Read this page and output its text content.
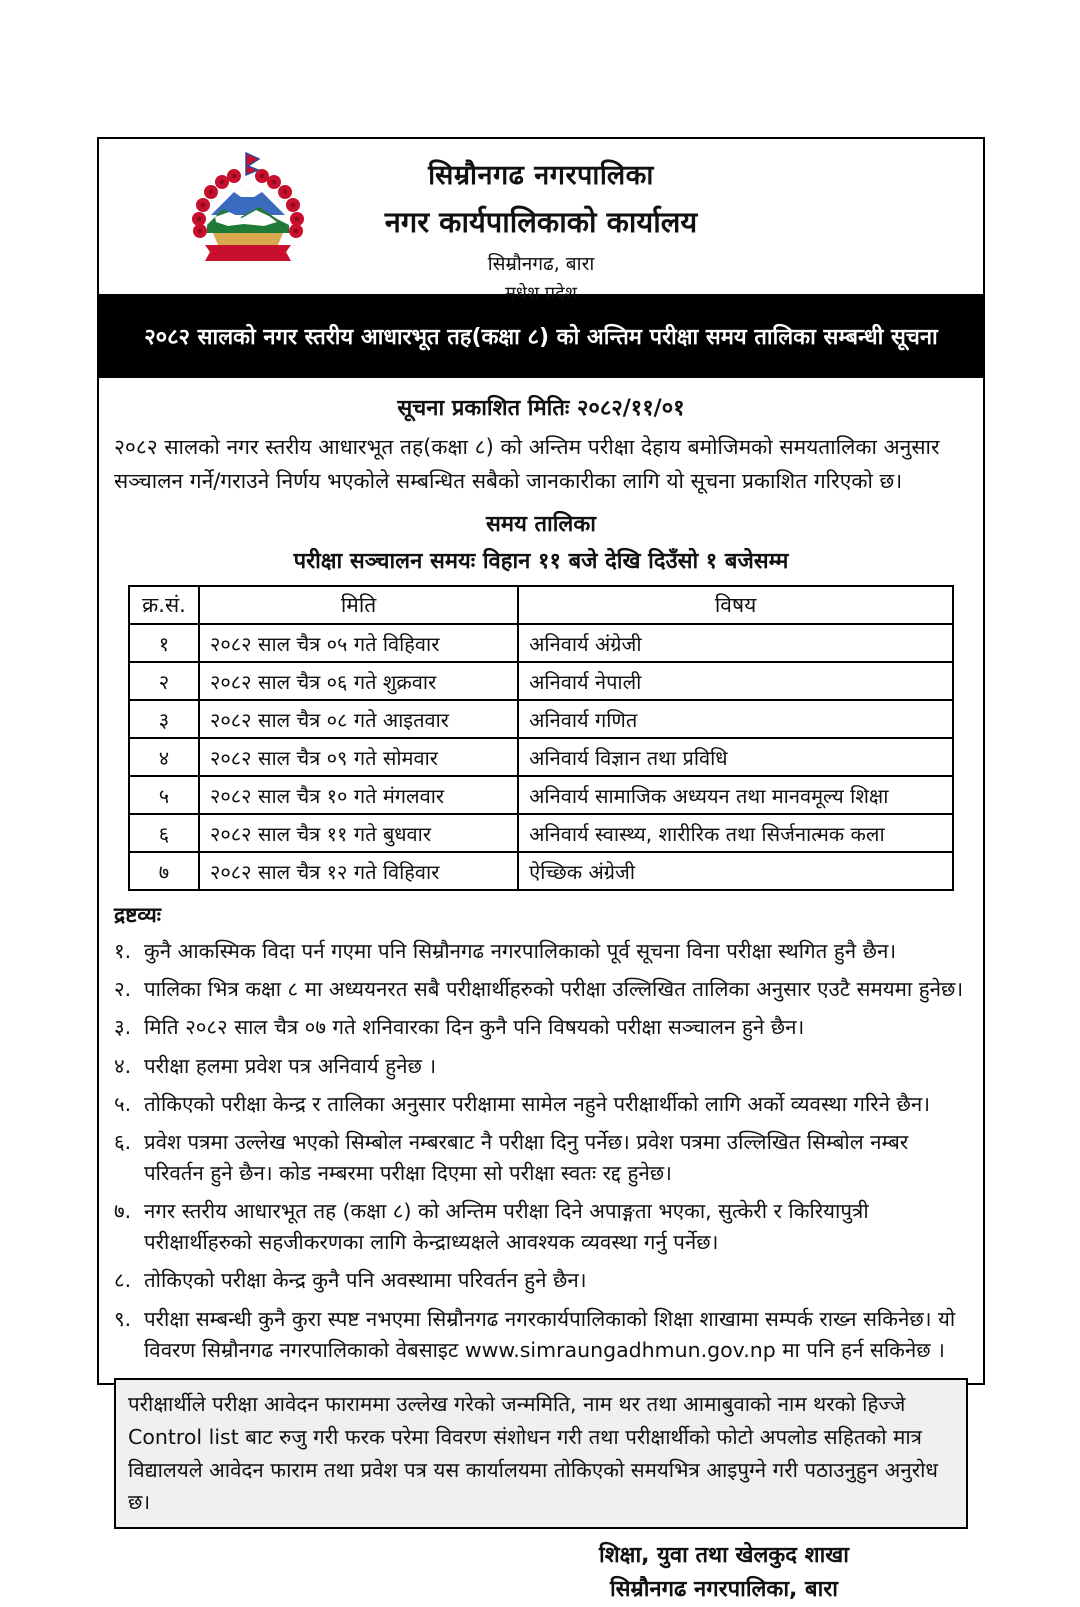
सिम्रौनगढ नगरपालिका
नगर कार्यपालिकाको कार्यालय
सिम्रौनगढ, बारा
मधेश प्रदेश
२०८२ सालको नगर स्तरीय आधारभूत तह(कक्षा ८) को अन्तिम परीक्षा समय तालिका सम्बन्धी सूचना
सूचना प्रकाशित मितिः २०८२/११/०१

२०८२ सालको नगर स्तरीय आधारभूत तह(कक्षा ८) को अन्तिम परीक्षा देहाय बमोजिमको समयतालिका अनुसार सञ्चालन गर्ने/गराउने निर्णय भएकोले सम्बन्धित सबैको जानकारीका लागि यो सूचना प्रकाशित गरिएको छ।

समय तालिका
परीक्षा सञ्चालन समयः विहान ११ बजे देखि दिउँसो १ बजेसम्म
क्र.सं.	मिति	विषय
१	२०८२ साल चैत्र ०५ गते विहिवार	अनिवार्य अंग्रेजी
२	२०८२ साल चैत्र ०६ गते शुक्रवार	अनिवार्य नेपाली
३	२०८२ साल चैत्र ०८ गते आइतवार	अनिवार्य गणित
४	२०८२ साल चैत्र ०९ गते सोमवार	अनिवार्य विज्ञान तथा प्रविधि
५	२०८२ साल चैत्र १० गते मंगलवार	अनिवार्य सामाजिक अध्ययन तथा मानवमूल्य शिक्षा
६	२०८२ साल चैत्र ११ गते बुधवार	अनिवार्य स्वास्थ्य, शारीरिक तथा सिर्जनात्मक कला
७	२०८२ साल चैत्र १२ गते विहिवार	ऐच्छिक अंग्रेजी
द्रष्टव्यः
१. कुनै आकस्मिक विदा पर्न गएमा पनि सिम्रौनगढ नगरपालिकाको पूर्व सूचना विना परीक्षा स्थगित हुनै छैन।
२. पालिका भित्र कक्षा ८ मा अध्ययनरत सबै परीक्षार्थीहरुको परीक्षा उल्लिखित तालिका अनुसार एउटै समयमा हुनेछ।
३. मिति २०८२ साल चैत्र ०७ गते शनिवारका दिन कुनै पनि विषयको परीक्षा सञ्चालन हुने छैन।
४. परीक्षा हलमा प्रवेश पत्र अनिवार्य हुनेछ ।
५. तोकिएको परीक्षा केन्द्र र तालिका अनुसार परीक्षामा सामेल नहुने परीक्षार्थीको लागि अर्को व्यवस्था गरिने छैन।
६. प्रवेश पत्रमा उल्लेख भएको सिम्बोल नम्बरबाट नै परीक्षा दिनु पर्नेछ। प्रवेश पत्रमा उल्लिखित सिम्बोल नम्बर परिवर्तन हुने छैन। कोड नम्बरमा परीक्षा दिएमा सो परीक्षा स्वतः रद्द हुनेछ।
७. नगर स्तरीय आधारभूत तह (कक्षा ८) को अन्तिम परीक्षा दिने अपाङ्गता भएका, सुत्केरी र किरियापुत्री परीक्षार्थीहरुको सहजीकरणका लागि केन्द्राध्यक्षले आवश्यक व्यवस्था गर्नु पर्नेछ।
८. तोकिएको परीक्षा केन्द्र कुनै पनि अवस्थामा परिवर्तन हुने छैन।
९. परीक्षा सम्बन्धी कुनै कुरा स्पष्ट नभएमा सिम्रौनगढ नगरकार्यपालिकाको शिक्षा शाखामा सम्पर्क राख्न सकिनेछ। यो विवरण सिम्रौनगढ नगरपालिकाको वेबसाइट www.simraungadhmun.gov.np मा पनि हर्न सकिनेछ ।
परीक्षार्थीले परीक्षा आवेदन फाराममा उल्लेख गरेको जन्ममिति, नाम थर तथा आमाबुवाको नाम थरको हिज्जे Control list बाट रुजु गरी फरक परेमा विवरण संशोधन गरी तथा परीक्षार्थीको फोटो अपलोड सहितको मात्र विद्यालयले आवेदन फाराम तथा प्रवेश पत्र यस कार्यालयमा तोकिएको समयभित्र आइपुग्ने गरी पठाउनुहुन अनुरोध छ।
शिक्षा, युवा तथा खेलकुद शाखा
सिम्रौनगढ नगरपालिका, बारा
